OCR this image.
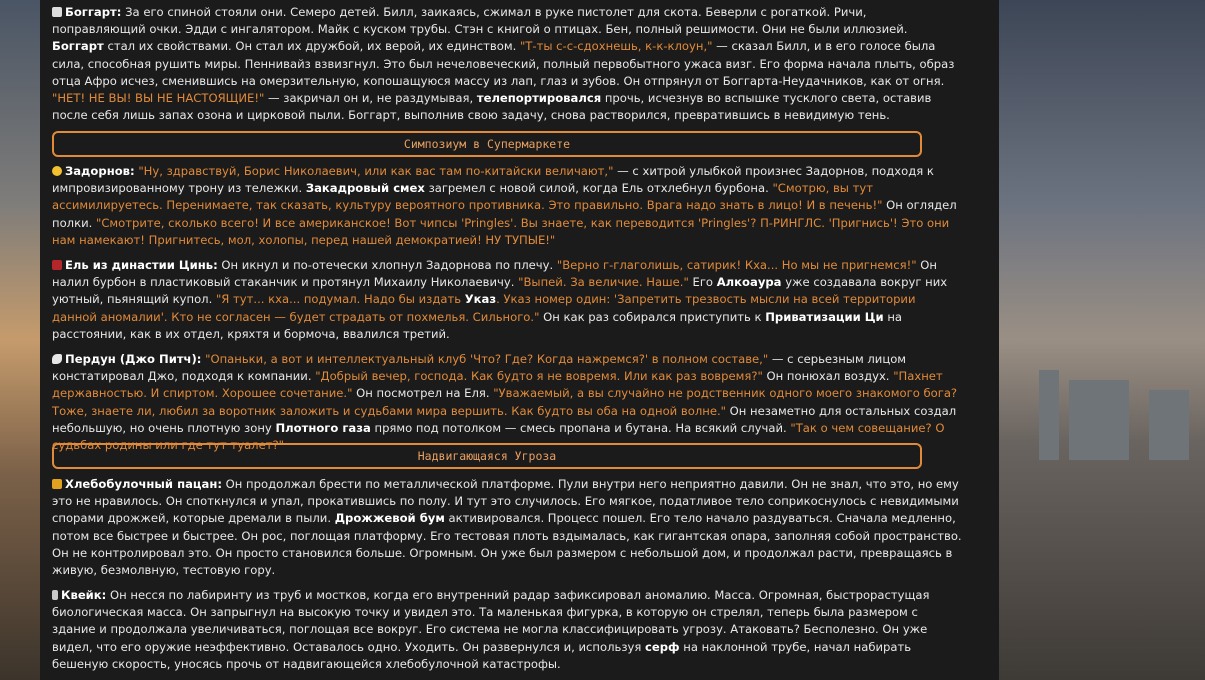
Боггарт: За его спиной стояли они. Семеро детей. Билл, заикаясь, сжимал в руке пистолет для скота. Беверли с рогаткой. Ричи, поправляющий очки. Эдди с ингалятором. Майк с куском трубы. Стэн с книгой о птицах. Бен, полный решимости. Они не были иллюзией. Боггарт стал их свойствами. Он стал их дружбой, их верой, их единством. "Т-ты с-с-сдохнешь, к-к-клоун," — сказал Билл, и в его голосе была сила, способная рушить миры. Пеннивайз взвизгнул. Это был нечеловеческий, полный первобытного ужаса визг. Его форма начала плыть, образ отца Афро исчез, сменившись на омерзительную, копошащуюся массу из лап, глаз и зубов. Он отпрянул от Боггарта-Неудачников, как от огня. "НЕТ! НЕ ВЫ! ВЫ НЕ НАСТОЯЩИЕ!" — закричал он и, не раздумывая, телепортировался прочь, исчезнув во вспышке тусклого света, оставив после себя лишь запах озона и цирковой пыли. Боггарт, выполнив свою задачу, снова растворился, превратившись в невидимую тень.

Симпозиум в Супермаркете

Задорнов: "Ну, здравствуй, Борис Николаевич, или как вас там по-китайски величают," — с хитрой улыбкой произнес Задорнов, подходя к импровизированному трону из тележки. Закадровый смех загремел с новой силой, когда Ель отхлебнул бурбона. "Смотрю, вы тут ассимилируетесь. Перенимаете, так сказать, культуру вероятного противника. Это правильно. Врага надо знать в лицо! И в печень!" Он оглядел полки. "Смотрите, сколько всего! И все американское! Вот чипсы 'Pringles'. Вы знаете, как переводится 'Pringles'? П-РИНГЛС. 'Пригнись'! Это они нам намекают! Пригнитесь, мол, холопы, перед нашей демократией! НУ ТУПЫЕ!"

Ель из династии Цинь: Он икнул и по-отечески хлопнул Задорнова по плечу. "Верно г-глаголишь, сатирик! Кха... Но мы не пригнемся!" Он налил бурбон в пластиковый стаканчик и протянул Михаилу Николаевичу. "Выпей. За величие. Наше." Его Алкоаура уже создавала вокруг них уютный, пьянящий купол. "Я тут... кха... подумал. Надо бы издать Указ. Указ номер один: 'Запретить трезвость мысли на всей территории данной аномалии'. Кто не согласен — будет страдать от похмелья. Сильного." Он как раз собирался приступить к Приватизации Ци на расстоянии, как в их отдел, кряхтя и бормоча, ввалился третий.

Пердун (Джо Питч): "Опаньки, а вот и интеллектуальный клуб 'Что? Где? Когда нажремся?' в полном составе," — с серьезным лицом констатировал Джо, подходя к компании. "Добрый вечер, господа. Как будто я не вовремя. Или как раз вовремя?" Он понюхал воздух. "Пахнет державностью. И спиртом. Хорошее сочетание." Он посмотрел на Еля. "Уважаемый, а вы случайно не родственник одного моего знакомого бога? Тоже, знаете ли, любил за воротник заложить и судьбами мира вершить. Как будто вы оба на одной волне." Он незаметно для остальных создал небольшую, но очень плотную зону Плотного газа прямо под потолком — смесь пропана и бутана. На всякий случай. "Так о чем совещание? О судьбах родины или где тут туалет?"

Надвигающаяся Угроза

Хлебобулочный пацан: Он продолжал брести по металлической платформе. Пули внутри него неприятно давили. Он не знал, что это, но ему это не нравилось. Он споткнулся и упал, прокатившись по полу. И тут это случилось. Его мягкое, податливое тело соприкоснулось с невидимыми спорами дрожжей, которые дремали в пыли. Дрожжевой бум активировался. Процесс пошел. Его тело начало раздуваться. Сначала медленно, потом все быстрее и быстрее. Он рос, поглощая платформу. Его тестовая плоть вздымалась, как гигантская опара, заполняя собой пространство. Он не контролировал это. Он просто становился больше. Огромным. Он уже был размером с небольшой дом, и продолжал расти, превращаясь в живую, безмолвную, тестовую гору.

Квейк: Он несся по лабиринту из труб и мостков, когда его внутренний радар зафиксировал аномалию. Масса. Огромная, быстрорастущая биологическая масса. Он запрыгнул на высокую точку и увидел это. Та маленькая фигурка, в которую он стрелял, теперь была размером с здание и продолжала увеличиваться, поглощая все вокруг. Его система не могла классифицировать угрозу. Атаковать? Бесполезно. Он уже видел, что его оружие неэффективно. Оставалось одно. Уходить. Он развернулся и, используя серф на наклонной трубе, начал набирать бешеную скорость, уносясь прочь от надвигающейся хлебобулочной катастрофы.
